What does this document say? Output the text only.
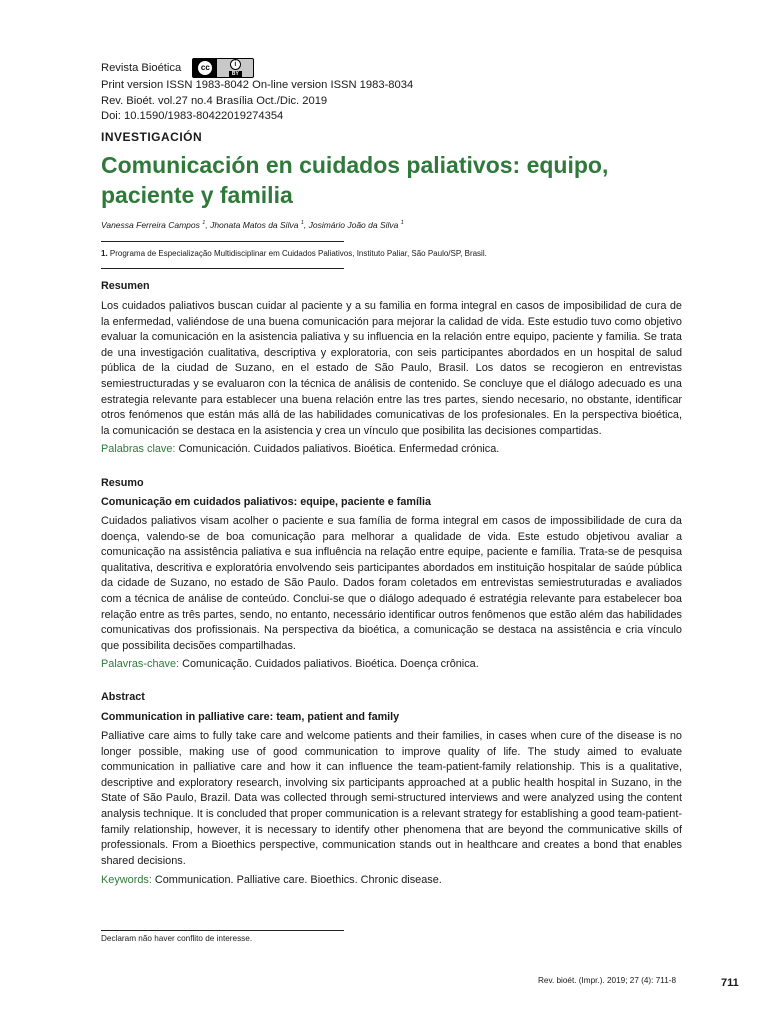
Revista Bioética	cc	i
BY
Print version ISSN 1983-8042 On-line version ISSN 1983-8034
Rev. Bioét. vol.27 no.4 Brasília Oct./Dic. 2019
Doi: 10.1590/1983-80422019274354
INVESTIGACIÓN
Comunicación en cuidados paliativos: equipo, paciente y familia
Vanessa Ferreira Campos $^1$, Jhonata Matos da Silva $^1$, Josimário João da Silva $^1$
1. Programa de Especialização Multidisciplinar em Cuidados Paliativos, Instituto Paliar, São Paulo/SP, Brasil.
Resumen

Los cuidados paliativos buscan cuidar al paciente y a su familia en forma integral en casos de imposibilidad de cura de la enfermedad, valiéndose de una buena comunicación para mejorar la calidad de vida. Este estudio tuvo como objetivo evaluar la comunicación en la asistencia paliativa y su influencia en la relación entre equipo, paciente y familia. Se trata de una investigación cualitativa, descriptiva y exploratoria, con seis participantes abordados en un hospital de salud pública de la ciudad de Suzano, en el estado de São Paulo, Brasil. Los datos se recogieron en entrevistas semiestructuradas y se evaluaron con la técnica de análisis de contenido. Se concluye que el diálogo adecuado es una estrategia relevante para establecer una buena relación entre las tres partes, siendo necesario, no obstante, identificar otros fenómenos que están más allá de las habilidades comunicativas de los profesionales. En la perspectiva bioética, la comunicación se destaca en la asistencia y crea un vínculo que posibilita las decisiones compartidas.

Palabras clave: Comunicación. Cuidados paliativos. Bioética. Enfermedad crónica.
Resumo
Comunicação em cuidados paliativos: equipe, paciente e família

Cuidados paliativos visam acolher o paciente e sua família de forma integral em casos de impossibilidade de cura da doença, valendo-se de boa comunicação para melhorar a qualidade de vida. Este estudo objetivou avaliar a comunicação na assistência paliativa e sua influência na relação entre equipe, paciente e família. Trata-se de pesquisa qualitativa, descritiva e exploratória envolvendo seis participantes abordados em instituição hospitalar de saúde pública da cidade de Suzano, no estado de São Paulo. Dados foram coletados em entrevistas semiestruturadas e avaliados com a técnica de análise de conteúdo. Conclui-se que o diálogo adequado é estratégia relevante para estabelecer boa relação entre as três partes, sendo, no entanto, necessário identificar outros fenômenos que estão além das habilidades comunicativas dos profissionais. Na perspectiva da bioética, a comunicação se destaca na assistência e cria vínculo que possibilita decisões compartilhadas.

Palavras-chave: Comunicação. Cuidados paliativos. Bioética. Doença crônica.
Abstract
Communication in palliative care: team, patient and family

Palliative care aims to fully take care and welcome patients and their families, in cases when cure of the disease is no longer possible, making use of good communication to improve quality of life. The study aimed to evaluate communication in palliative care and how it can influence the team-patient-family relationship. This is a qualitative, descriptive and exploratory research, involving six participants approached at a public health hospital in Suzano, in the State of São Paulo, Brazil. Data was collected through semi-structured interviews and were analyzed using the content analysis technique. It is concluded that proper communication is a relevant strategy for establishing a good team-patient-family relationship, however, it is necessary to identify other phenomena that are beyond the communicative skills of professionals. From a Bioethics perspective, communication stands out in healthcare and creates a bond that enables shared decisions.

Keywords: Communication. Palliative care. Bioethics. Chronic disease.
Declaram não haver conflito de interesse.
Rev. bioét. (Impr.). 2019; 27 (4): 711-8	711
